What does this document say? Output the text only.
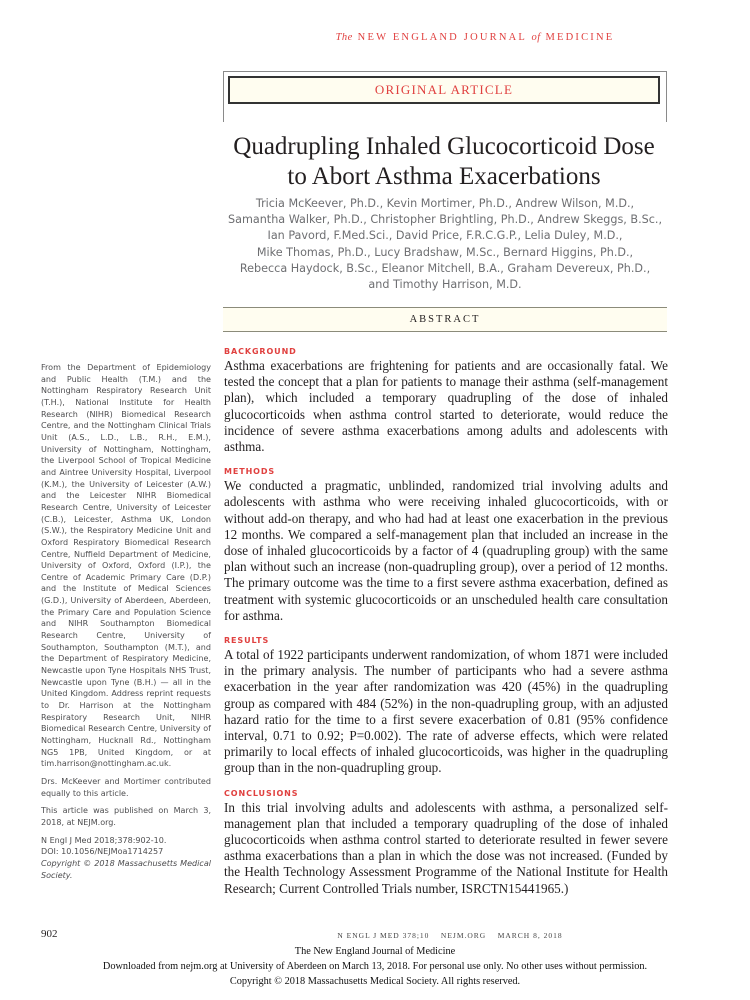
The NEW ENGLAND JOURNAL of MEDICINE
ORIGINAL ARTICLE
Quadrupling Inhaled Glucocorticoid Dose
to Abort Asthma Exacerbations
Tricia McKeever, Ph.D., Kevin Mortimer, Ph.D., Andrew Wilson, M.D.,
Samantha Walker, Ph.D., Christopher Brightling, Ph.D., Andrew Skeggs, B.Sc.,
Ian Pavord, F.Med.Sci., David Price, F.R.C.G.P., Lelia Duley, M.D.,
Mike Thomas, Ph.D., Lucy Bradshaw, M.Sc., Bernard Higgins, Ph.D.,
Rebecca Haydock, B.Sc., Eleanor Mitchell, B.A., Graham Devereux, Ph.D.,
and Timothy Harrison, M.D.
ABSTRACT

From the Department of Epidemiology and Public Health (T.M.) and the Nottingham Respiratory Research Unit (T.H.), National Institute for Health Research (NIHR) Biomedical Research Centre, and the Nottingham Clinical Trials Unit (A.S., L.D., L.B., R.H., E.M.), University of Nottingham, Nottingham, the Liverpool School of Tropical Medicine and Aintree University Hospital, Liverpool (K.M.), the University of Leicester (A.W.) and the Leicester NIHR Biomedical Research Centre, University of Leicester (C.B.), Leicester, Asthma UK, London (S.W.), the Respiratory Medicine Unit and Oxford Respiratory Biomedical Research Centre, Nuffield Department of Medicine, University of Oxford, Oxford (I.P.), the Centre of Academic Primary Care (D.P.) and the Institute of Medical Sciences (G.D.), University of Aberdeen, Aberdeen, the Primary Care and Population Science and NIHR Southampton Biomedical Research Centre, University of Southampton, Southampton (M.T.), and the Department of Respiratory Medicine, Newcastle upon Tyne Hospitals NHS Trust, Newcastle upon Tyne (B.H.) — all in the United Kingdom. Address reprint requests to Dr. Harrison at the Nottingham Respiratory Research Unit, NIHR Biomedical Research Centre, University of Nottingham, Hucknall Rd., Nottingham NG5 1PB, United Kingdom, or at tim.harrison@nottingham.ac.uk.

Drs. McKeever and Mortimer contributed equally to this article.

This article was published on March 3, 2018, at NEJM.org.

N Engl J Med 2018;378:902-10.
DOI: 10.1056/NEJMoa1714257
Copyright © 2018 Massachusetts Medical Society.
BACKGROUND

Asthma exacerbations are frightening for patients and are occasionally fatal. We tested the concept that a plan for patients to manage their asthma (self-management plan), which included a temporary quadrupling of the dose of inhaled glucocorticoids when asthma control started to deteriorate, would reduce the incidence of severe asthma exacerbations among adults and adolescents with asthma.

METHODS

We conducted a pragmatic, unblinded, randomized trial involving adults and adolescents with asthma who were receiving inhaled glucocorticoids, with or without add-on therapy, and who had had at least one exacerbation in the previous 12 months. We compared a self-management plan that included an increase in the dose of inhaled glucocorticoids by a factor of 4 (quadrupling group) with the same plan without such an increase (non-quadrupling group), over a period of 12 months. The primary outcome was the time to a first severe asthma exacerbation, defined as treatment with systemic glucocorticoids or an unscheduled health care consultation for asthma.

RESULTS

A total of 1922 participants underwent randomization, of whom 1871 were included in the primary analysis. The number of participants who had a severe asthma exacerbation in the year after randomization was 420 (45%) in the quadrupling group as compared with 484 (52%) in the non-quadrupling group, with an adjusted hazard ratio for the time to a first severe exacerbation of 0.81 (95% confidence interval, 0.71 to 0.92; P=0.002). The rate of adverse effects, which were related primarily to local effects of inhaled glucocorticoids, was higher in the quadrupling group than in the non-quadrupling group.

CONCLUSIONS

In this trial involving adults and adolescents with asthma, a personalized self-management plan that included a temporary quadrupling of the dose of inhaled glucocorticoids when asthma control started to deteriorate resulted in fewer severe asthma exacerbations than a plan in which the dose was not increased. (Funded by the Health Technology Assessment Programme of the National Institute for Health Research; Current Controlled Trials number, ISRCTN15441965.)

902	N ENGL J MED 378;10    NEJM.ORG    MARCH 8, 2018
The New England Journal of Medicine
Downloaded from nejm.org at University of Aberdeen on March 13, 2018. For personal use only. No other uses without permission.
Copyright © 2018 Massachusetts Medical Society. All rights reserved.
